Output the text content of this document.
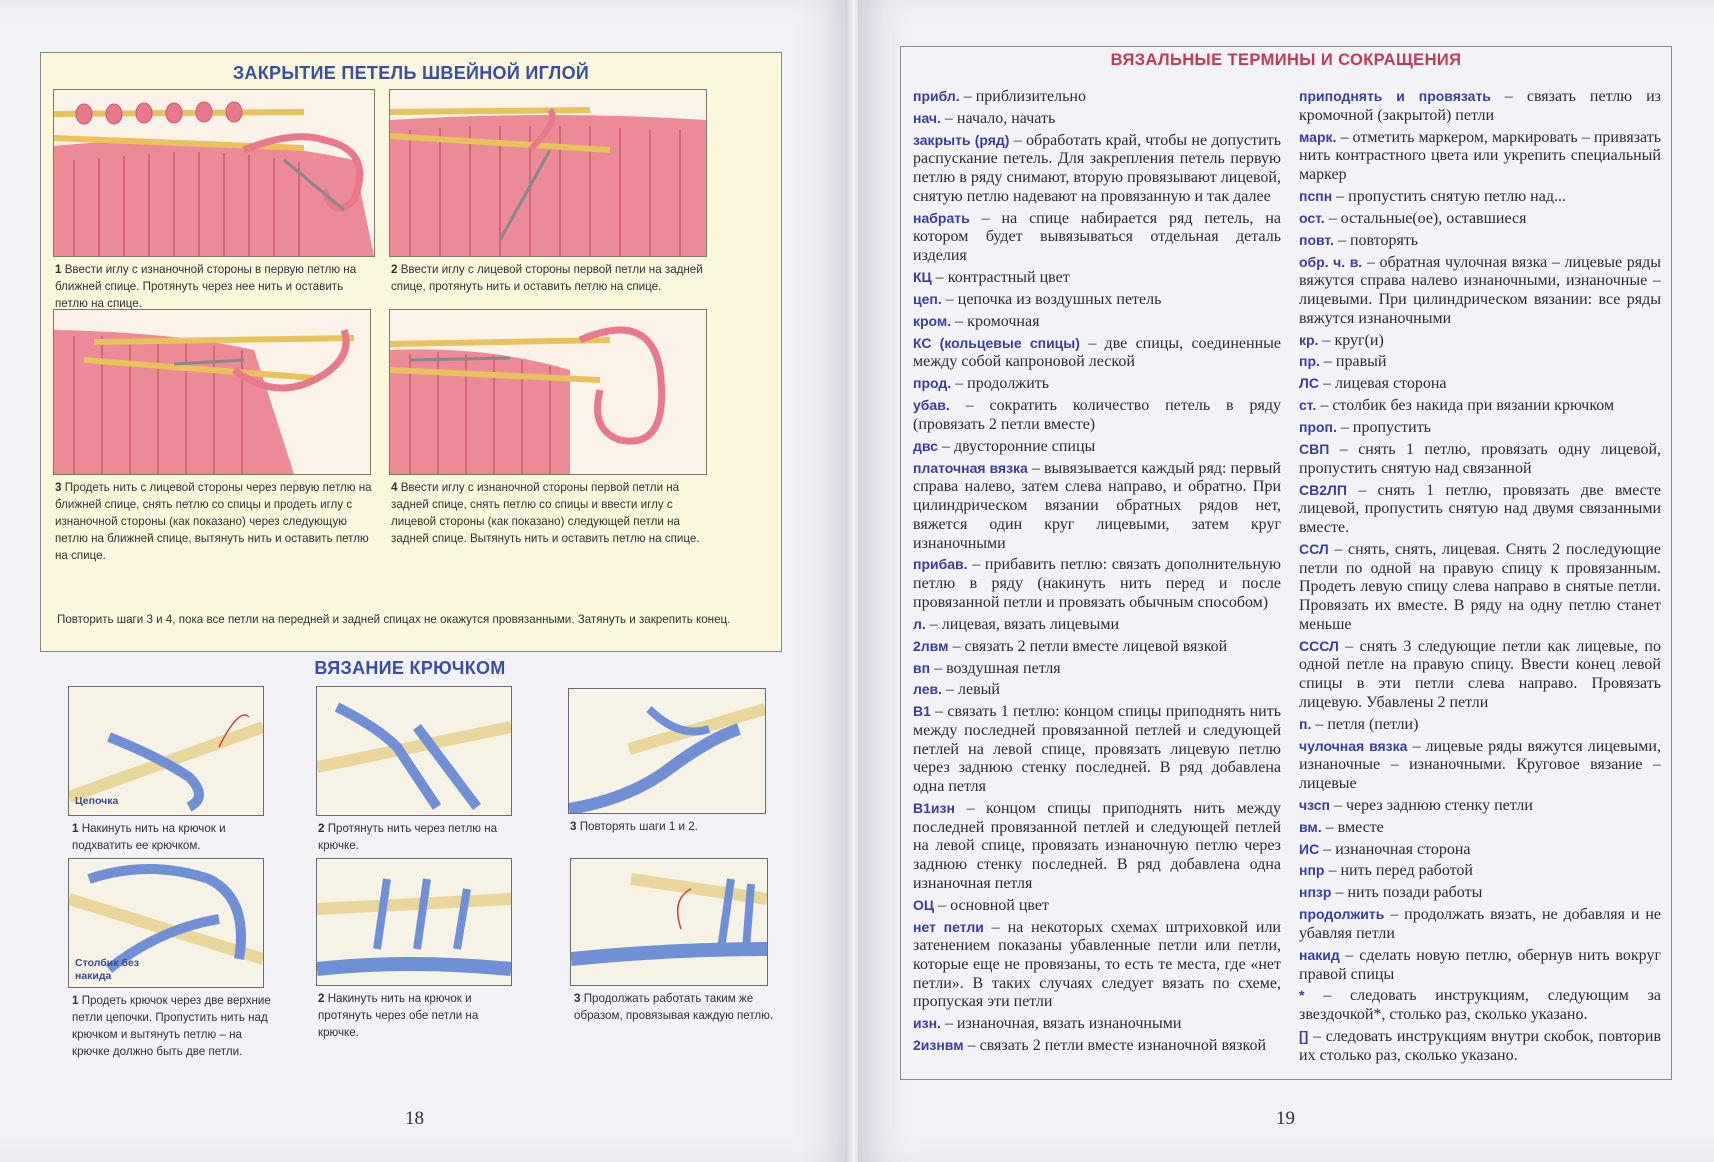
ЗАКРЫТИЕ ПЕТЕЛЬ ШВЕЙНОЙ ИГЛОЙ
1 Ввести иглу с изнаночной стороны в первую петлю на ближней спице. Протянуть через нее нить и оставить петлю на спице.
2 Ввести иглу с лицевой стороны первой петли на задней спице, протянуть нить и оставить петлю на спице.
3 Продеть нить с лицевой стороны через первую петлю на ближней спице, снять петлю со спицы и продеть иглу с изнаночной стороны (как показано) через следующую петлю на ближней спице, вытянуть нить и оставить петлю на спице.
4 Ввести иглу с изнаночной стороны первой петли на задней спице, снять петлю со спицы и ввести иглу с лицевой стороны (как показано) следующей петли на задней спице. Вытянуть нить и оставить петлю на спице.
Повторить шаги 3 и 4, пока все петли на передней и задней спицах не окажутся провязанными. Затянуть и закрепить конец.
ВЯЗАНИЕ КРЮЧКОМ
Цепочка
1 Накинуть нить на крючок и подхватить ее крючком.
2 Протянуть нить через петлю на крючке.
3 Повторять шаги 1 и 2.
Столбик без накида
1 Продеть крючок через две верхние петли цепочки. Пропустить нить над крючком и вытянуть петлю – на крючке должно быть две петли.
2 Накинуть нить на крючок и протянуть через обе петли на крючке.
3 Продолжать работать таким же образом, провязывая каждую петлю.
18
ВЯЗАЛЬНЫЕ ТЕРМИНЫ И СОКРАЩЕНИЯ
прибл. – приблизительно
нач. – начало, начать
закрыть (ряд) – обработать край, чтобы не допустить распускание петель. Для закрепления петель первую петлю в ряду снимают, вторую провязывают лицевой, снятую петлю надевают на провязанную и так далее
набрать – на спице набирается ряд петель, на котором будет вывязываться отдельная деталь изделия
КЦ – контрастный цвет
цеп. – цепочка из воздушных петель
кром. – кромочная
КС (кольцевые спицы) – две спицы, соединенные между собой капроновой леской
прод. – продолжить
убав. – сократить количество петель в ряду (провязать 2 петли вместе)
двс – двусторонние спицы
платочная вязка – вывязывается каждый ряд: первый справа налево, затем слева направо, и обратно. При цилиндрическом вязании обратных рядов нет, вяжется один круг лицевыми, затем круг изнаночными
прибав. – прибавить петлю: связать дополнительную петлю в ряду (накинуть нить перед и после провязанной петли и провязать обычным способом)
л. – лицевая, вязать лицевыми
2лвм – связать 2 петли вместе лицевой вязкой
вп – воздушная петля
лев. – левый
В1 – связать 1 петлю: концом спицы приподнять нить между последней провязанной петлей и следующей петлей на левой спице, провязать лицевую петлю через заднюю стенку последней. В ряд добавлена одна петля
В1изн – концом спицы приподнять нить между последней провязанной петлей и следующей петлей на левой спице, провязать изнаночную петлю через заднюю стенку последней. В ряд добавлена одна изнаночная петля
ОЦ – основной цвет
нет петли – на некоторых схемах штриховкой или затенением показаны убавленные петли или петли, которые еще не провязаны, то есть те места, где «нет петли». В таких случаях следует вязать по схеме, пропуская эти петли
изн. – изнаночная, вязать изнаночными
2изнвм – связать 2 петли вместе изнаночной вязкой
приподнять и провязать – связать петлю из кромочной (закрытой) петли
марк. – отметить маркером, маркировать – привязать нить контрастного цвета или укрепить специальный маркер
пспн – пропустить снятую петлю над...
ост. – остальные(ое), оставшиеся
повт. – повторять
обр. ч. в. – обратная чулочная вязка – лицевые ряды вяжутся справа налево изнаночными, изнаночные – лицевыми. При цилиндрическом вязании: все ряды вяжутся изнаночными
кр. – круг(и)
пр. – правый
ЛС – лицевая сторона
ст. – столбик без накида при вязании крючком
проп. – пропустить
СВП – снять 1 петлю, провязать одну лицевой, пропустить снятую над связанной
СВ2ЛП – снять 1 петлю, провязать две вместе лицевой, пропустить снятую над двумя связанными вместе.
ССЛ – снять, снять, лицевая. Снять 2 последующие петли по одной на правую спицу к провязанным. Продеть левую спицу слева направо в снятые петли. Провязать их вместе. В ряду на одну петлю станет меньше
СССЛ – снять 3 следующие петли как лицевые, по одной петле на правую спицу. Ввести конец левой спицы в эти петли слева направо. Провязать лицевую. Убавлены 2 петли
п. – петля (петли)
чулочная вязка – лицевые ряды вяжутся лицевыми, изнаночные – изнаночными. Круговое вязание – лицевые
чзсп – через заднюю стенку петли
вм. – вместе
ИС – изнаночная сторона
нпр – нить перед работой
нпзр – нить позади работы
продолжить – продолжать вязать, не добавляя и не убавляя петли
накид – сделать новую петлю, обернув нить вокруг правой спицы
* – следовать инструкциям, следующим за звездочкой*, столько раз, сколько указано.
[] – следовать инструкциям внутри скобок, повторив их столько раз, сколько указано.
19
